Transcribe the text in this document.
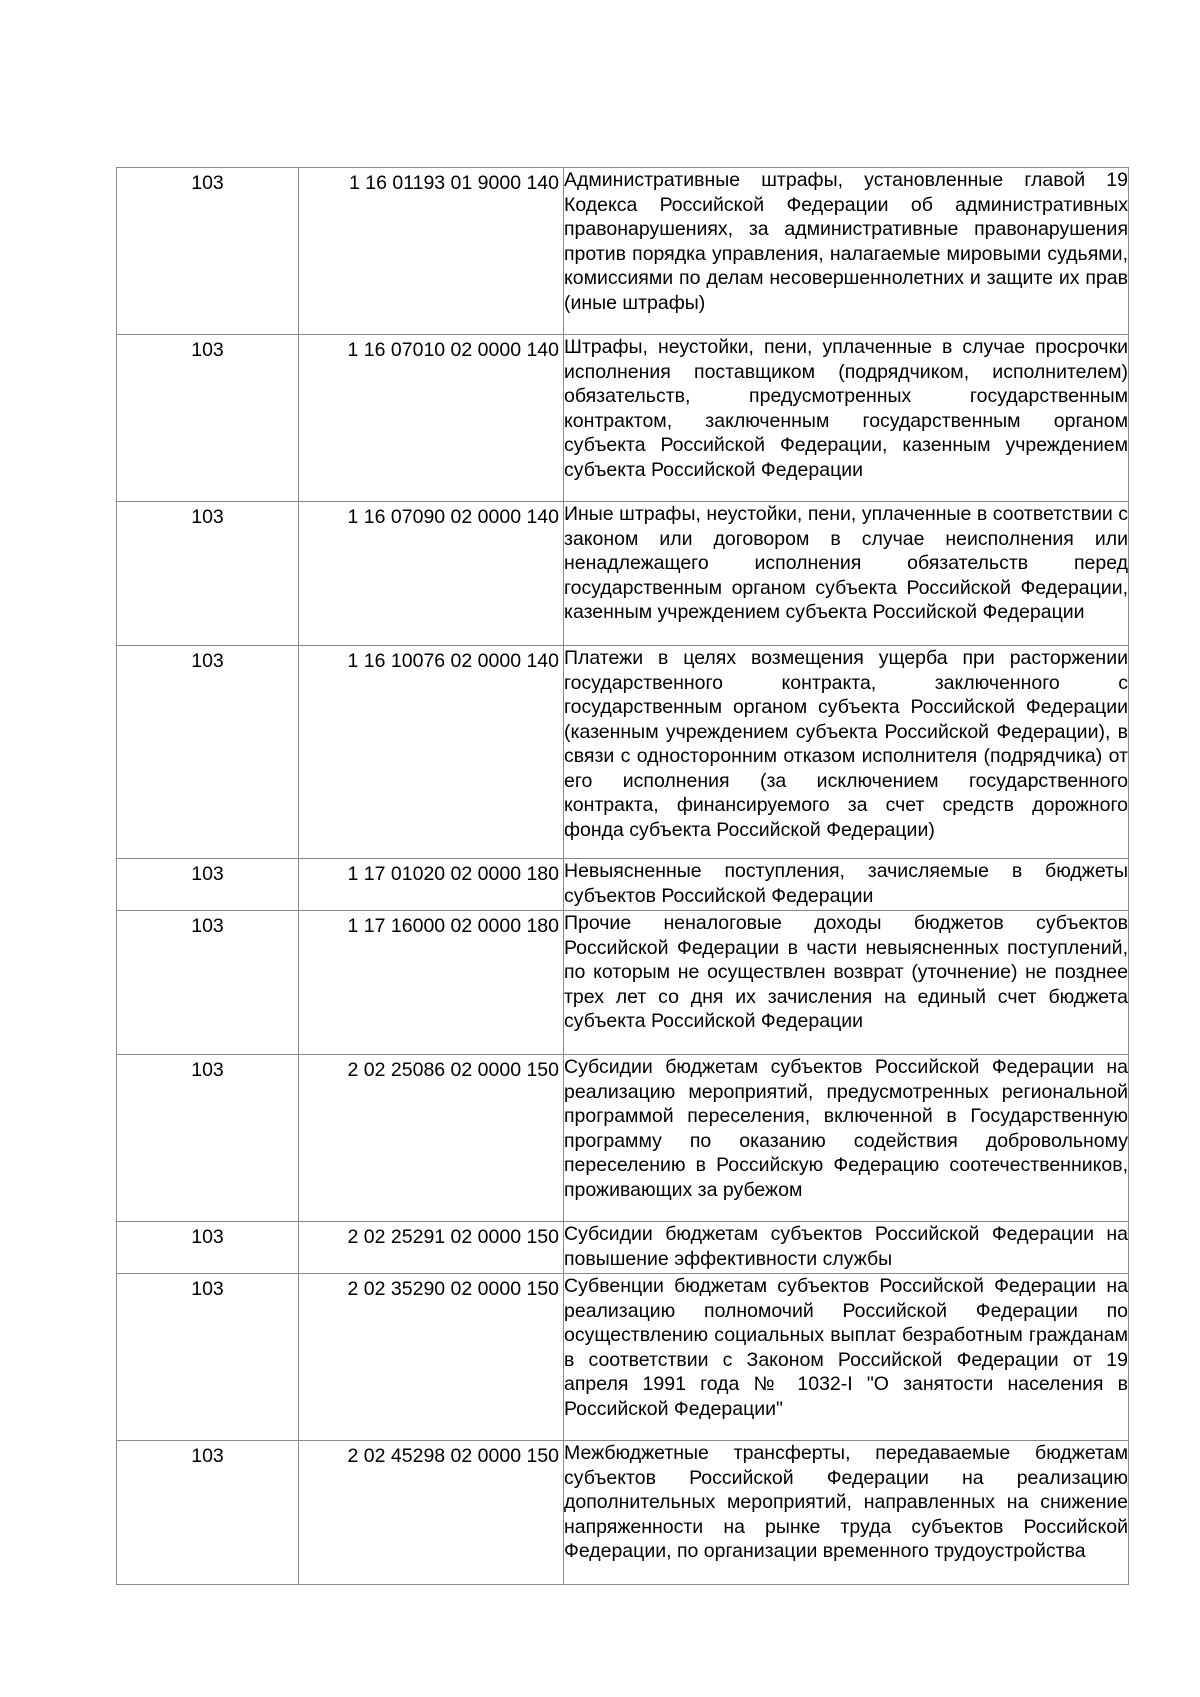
103	1 16 01193 01 9000 140	Административные штрафы, установленные главой 19 Кодекса Российской Федерации об административных правонарушениях, за административные правонарушения против порядка управления, налагаемые мировыми судьями, комиссиями по делам несовершеннолетних и защите их прав (иные штрафы)

103	1 16 07010 02 0000 140	Штрафы, неустойки, пени, уплаченные в случае просрочки исполнения поставщиком (подрядчиком, исполнителем) обязательств, предусмотренных государственным контрактом, заключенным государственным органом субъекта Российской Федерации, казенным учреждением субъекта Российской Федерации

103	1 16 07090 02 0000 140	Иные штрафы, неустойки, пени, уплаченные в соответствии с законом или договором в случае неисполнения или ненадлежащего исполнения обязательств перед государственным органом субъекта Российской Федерации, казенным учреждением субъекта Российской Федерации

103	1 16 10076 02 0000 140	Платежи в целях возмещения ущерба при расторжении государственного контракта, заключенного с государственным органом субъекта Российской Федерации (казенным учреждением субъекта Российской Федерации), в связи с односторонним отказом исполнителя (подрядчика) от его исполнения (за исключением государственного контракта, финансируемого за счет средств дорожного фонда субъекта Российской Федерации)

103	1 17 01020 02 0000 180	Невыясненные поступления, зачисляемые в бюджеты субъектов Российской Федерации

103	1 17 16000 02 0000 180	Прочие неналоговые доходы бюджетов субъектов Российской Федерации в части невыясненных поступлений, по которым не осуществлен возврат (уточнение) не позднее трех лет со дня их зачисления на единый счет бюджета субъекта Российской Федерации

103	2 02 25086 02 0000 150	Субсидии бюджетам субъектов Российской Федерации на реализацию мероприятий, предусмотренных региональной программой переселения, включенной в Государственную программу по оказанию содействия добровольному переселению в Российскую Федерацию соотечественников, проживающих за рубежом

103	2 02 25291 02 0000 150	Субсидии бюджетам субъектов Российской Федерации на повышение эффективности службы

103	2 02 35290 02 0000 150	Субвенции бюджетам субъектов Российской Федерации на реализацию полномочий Российской Федерации по осуществлению социальных выплат безработным гражданам в соответствии с Законом Российской Федерации от 19 апреля 1991 года № 1032-I "О занятости населения в Российской Федерации"

103	2 02 45298 02 0000 150	Межбюджетные трансферты, передаваемые бюджетам субъектов Российской Федерации на реализацию дополнительных мероприятий, направленных на снижение напряженности на рынке труда субъектов Российской Федерации, по организации временного трудоустройства
